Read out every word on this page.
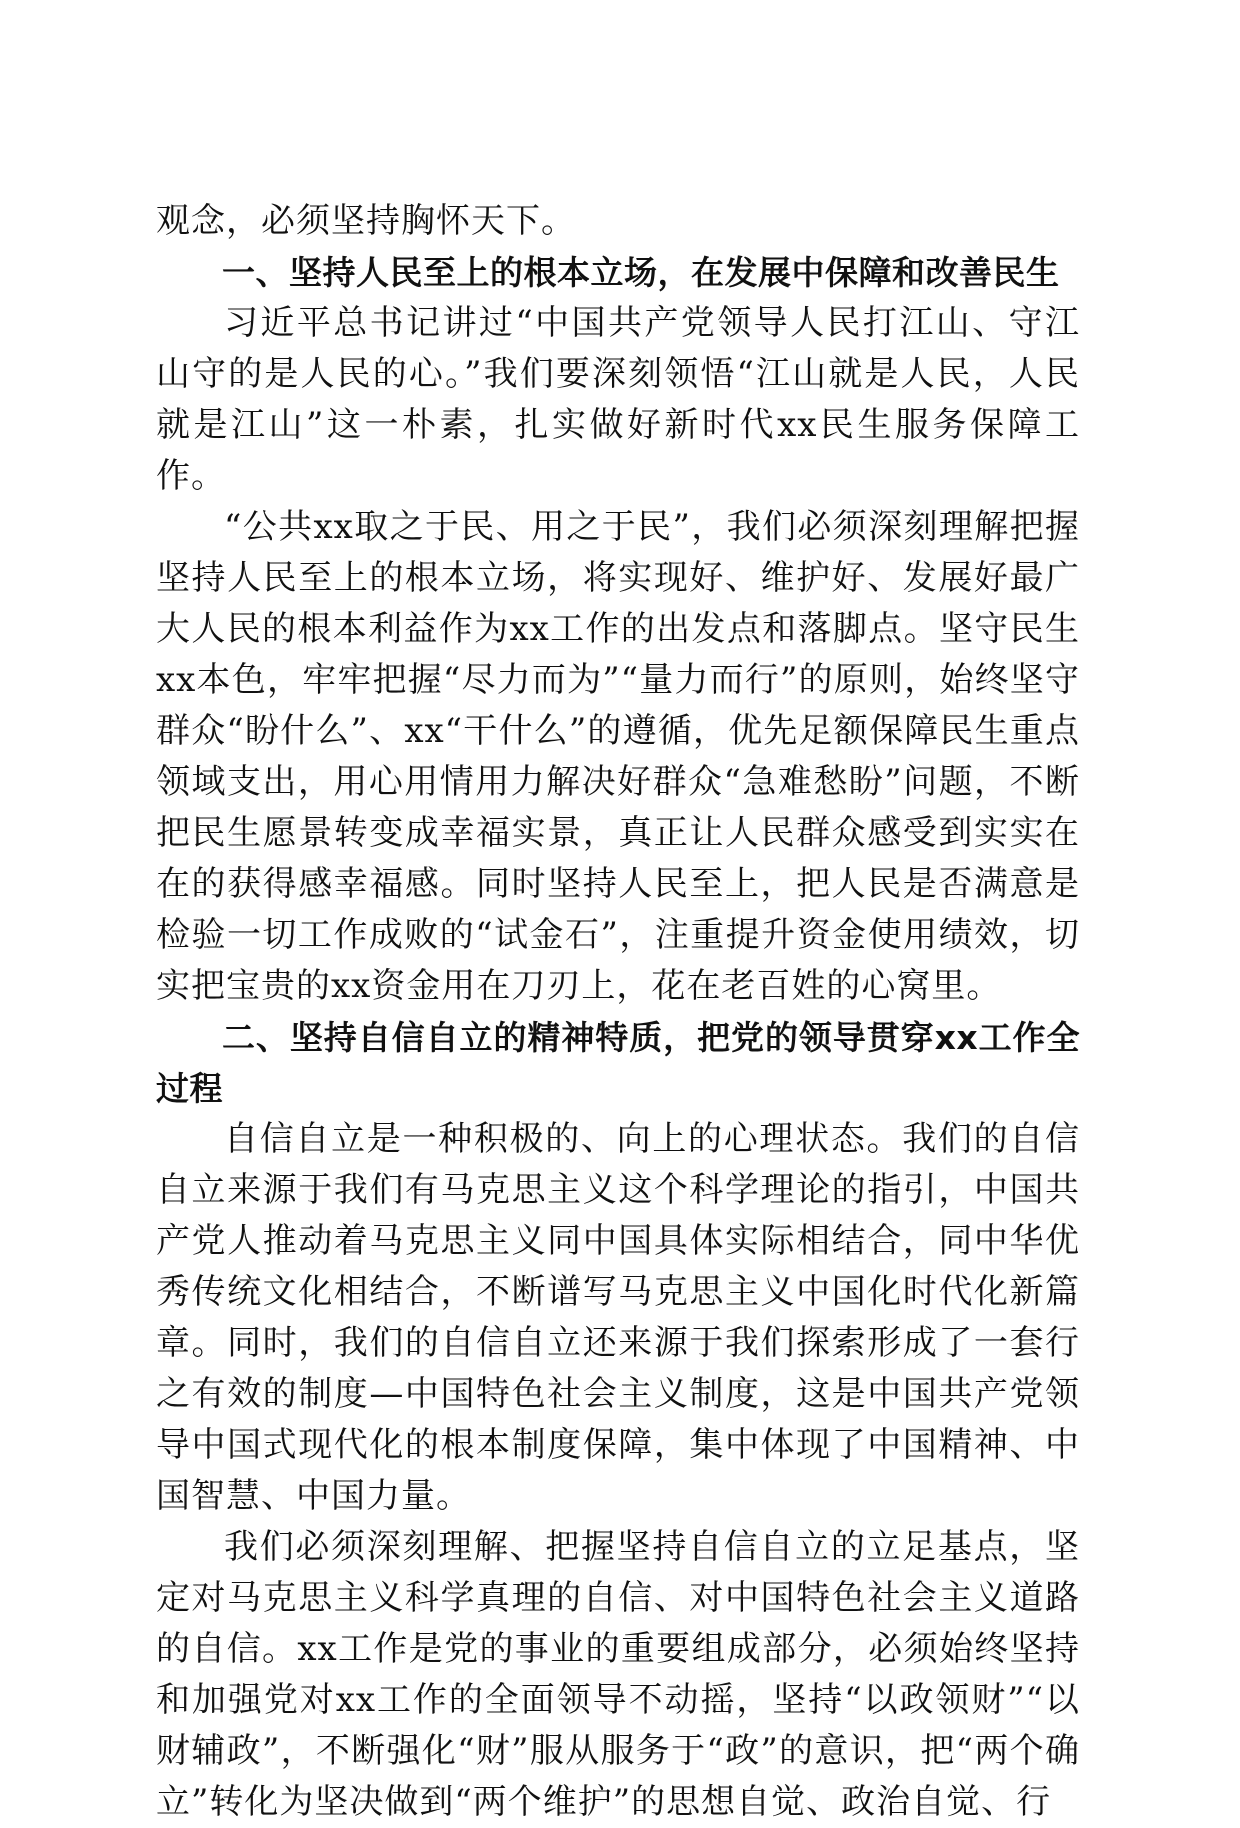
观念，必须坚持胸怀天下。

一、坚持人民至上的根本立场，在发展中保障和改善民生

习近平总书记讲过“中国共产党领导人民打江山、守江山守的是人民的心。”我们要深刻领悟“江山就是人民，人民就是江山”这一朴素，扎实做好新时代xx民生服务保障工作。

“公共xx取之于民、用之于民”，我们必须深刻理解把握坚持人民至上的根本立场，将实现好、维护好、发展好最广大人民的根本利益作为xx工作的出发点和落脚点。坚守民生xx本色，牢牢把握“尽力而为”“量力而行”的原则，始终坚守群众“盼什么”、xx“干什么”的遵循，优先足额保障民生重点领域支出，用心用情用力解决好群众“急难愁盼”问题，不断把民生愿景转变成幸福实景，真正让人民群众感受到实实在在的获得感幸福感。同时坚持人民至上，把人民是否满意是检验一切工作成败的“试金石”，注重提升资金使用绩效，切实把宝贵的xx资金用在刀刃上，花在老百姓的心窝里。

二、坚持自信自立的精神特质，把党的领导贯穿xx工作全过程

自信自立是一种积极的、向上的心理状态。我们的自信自立来源于我们有马克思主义这个科学理论的指引，中国共产党人推动着马克思主义同中国具体实际相结合，同中华优秀传统文化相结合，不断谱写马克思主义中国化时代化新篇章。同时，我们的自信自立还来源于我们探索形成了一套行之有效的制度—中国特色社会主义制度，这是中国共产党领导中国式现代化的根本制度保障，集中体现了中国精神、中国智慧、中国力量。

我们必须深刻理解、把握坚持自信自立的立足基点，坚定对马克思主义科学真理的自信、对中国特色社会主义道路的自信。xx工作是党的事业的重要组成部分，必须始终坚持和加强党对xx工作的全面领导不动摇，坚持“以政领财”“以财辅政”，不断强化“财”服从服务于“政”的意识，把“两个确立”转化为坚决做到“两个维护”的思想自觉、政治自觉、行
